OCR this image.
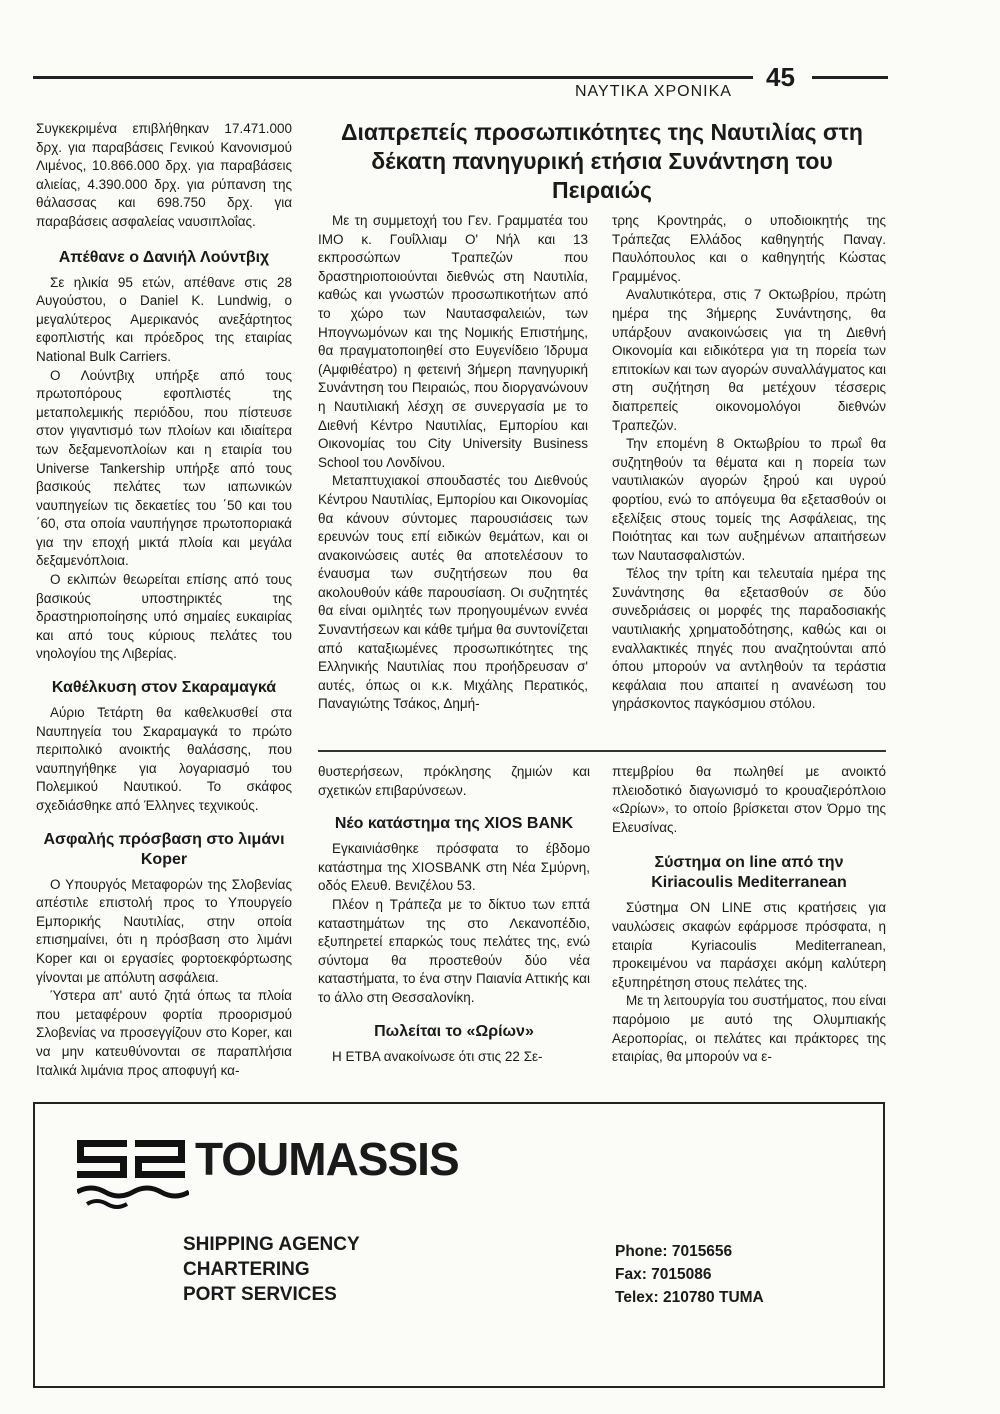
45
ΝΑΥΤΙΚΑ ΧΡΟΝΙΚΑ

Συγκεκριμένα επιβλήθηκαν 17.471.000 δρχ. για παραβάσεις Γενικού Κανονισμού Λιμένος, 10.866.000 δρχ. για παραβάσεις αλιείας, 4.390.000 δρχ. για ρύπανση της θάλασσας και 698.750 δρχ. για παραβάσεις ασφαλείας ναυσιπλοΐας.

Απέθανε ο Δανιήλ Λούντβιχ

Σε ηλικία 95 ετών, απέθανε στις 28 Αυγούστου, ο Daniel K. Lundwig, ο μεγαλύτερος Αμερικανός ανεξάρτητος εφοπλιστής και πρόεδρος της εταιρίας National Bulk Carriers.

Ο Λούντβιχ υπήρξε από τους πρωτοπόρους εφοπλιστές της μεταπολεμικής περιόδου, που πίστευσε στον γιγαντισμό των πλοίων και ιδιαίτερα των δεξαμενοπλοίων και η εταιρία του Universe Tankership υπήρξε από τους βασικούς πελάτες των ιαπωνικών ναυπηγείων τις δεκαετίες του ΄50 και του ΄60, στα οποία ναυπήγησε πρωτοποριακά για την εποχή μικτά πλοία και μεγάλα δεξαμενόπλοια.

Ο εκλιπών θεωρείται επίσης από τους βασικούς υποστηρικτές της δραστηριοποίησης υπό σημαίες ευκαιρίας και από τους κύριους πελάτες του νηολογίου της Λιβερίας.

Καθέλκυση στον Σκαραμαγκά

Αύριο Τετάρτη θα καθελκυσθεί στα Ναυπηγεία του Σκαραμαγκά το πρώτο περιπολικό ανοικτής θαλάσσης, που ναυπηγήθηκε για λογαριασμό του Πολεμικού Ναυτικού. Το σκάφος σχεδιάσθηκε από Έλληνες τεχνικούς.

Ασφαλής πρόσβαση στο λιμάνι Koper

Ο Υπουργός Μεταφορών της Σλοβενίας απέστιλε επιστολή προς το Υπουργείο Εμπορικής Ναυτιλίας, στην οποία επισημαίνει, ότι η πρόσβαση στο λιμάνι Koper και οι εργασίες φορτοεκφόρτωσης γίνονται με απόλυτη ασφάλεια.

Ύστερα απ' αυτό ζητά όπως τα πλοία που μεταφέρουν φορτία προορισμού Σλοβενίας να προσεγγίζουν στο Koper, και να μην κατευθύνονται σε παραπλήσια Ιταλικά λιμάνια προς αποφυγή κα-

Διαπρεπείς προσωπικότητες της Ναυτιλίας στη δέκατη πανηγυρική ετήσια Συνάντηση του Πειραιώς

Με τη συμμετοχή του Γεν. Γραμματέα του ΙΜΟ κ. Γουΐλλιαμ Ο' Νήλ και 13 εκπροσώπων Τραπεζών που δραστηριοποιούνται διεθνώς στη Ναυτιλία, καθώς και γνωστών προσωπικοτήτων από το χώρο των Ναυτασφαλειών, των Ηπογνωμόνων και της Νομικής Επιστήμης, θα πραγματοποιηθεί στο Ευγενίδειο Ίδρυμα (Αμφιθέατρο) η φετεινή 3ήμερη πανηγυρική Συνάντηση του Πειραιώς, που διοργανώνουν η Ναυτιλιακή λέσχη σε συνεργασία με το Διεθνή Κέντρο Ναυτιλίας, Εμπορίου και Οικονομίας του City University Business School του Λονδίνου.

Μεταπτυχιακοί σπουδαστές του Διεθνούς Κέντρου Ναυτιλίας, Εμπορίου και Οικονομίας θα κάνουν σύντομες παρουσιάσεις των ερευνών τους επί ειδικών θεμάτων, και οι ανακοινώσεις αυτές θα αποτελέσουν το έναυσμα των συζητήσεων που θα ακολουθούν κάθε παρουσίαση. Οι συζητητές θα είναι ομιλητές των προηγουμένων εννέα Συναντήσεων και κάθε τμήμα θα συντονίζεται από καταξιωμένες προσωπικότητες της Ελληνικής Ναυτιλίας που προήδρευσαν σ' αυτές, όπως οι κ.κ. Μιχάλης Περατικός, Παναγιώτης Τσάκος, Δημή-

τρης Κροντηράς, ο υποδιοικητής της Τράπεζας Ελλάδος καθηγητής Παναγ. Παυλόπουλος και ο καθηγητής Κώστας Γραμμένος.

Αναλυτικότερα, στις 7 Οκτωβρίου, πρώτη ημέρα της 3ήμερης Συνάντησης, θα υπάρξουν ανακοινώσεις για τη Διεθνή Οικονομία και ειδικότερα για τη πορεία των επιτοκίων και των αγορών συναλλάγματος και στη συζήτηση θα μετέχουν τέσσερις διαπρεπείς οικονομολόγοι διεθνών Τραπεζών.

Την επομένη 8 Οκτωβρίου το πρωΐ θα συζητηθούν τα θέματα και η πορεία των ναυτιλιακών αγορών ξηρού και υγρού φορτίου, ενώ το απόγευμα θα εξετασθούν οι εξελίξεις στους τομείς της Ασφάλειας, της Ποιότητας και των αυξημένων απαιτήσεων των Ναυτασφαλιστών.

Τέλος την τρίτη και τελευταία ημέρα της Συνάντησης θα εξετασθούν σε δύο συνεδριάσεις οι μορφές της παραδοσιακής ναυτιλιακής χρηματοδότησης, καθώς και οι εναλλακτικές πηγές που αναζητούνται από όπου μπορούν να αντληθούν τα τεράστια κεφάλαια που απαιτεί η ανανέωση του γηράσκοντος παγκόσμιου στόλου.

θυστερήσεων, πρόκλησης ζημιών και σχετικών επιβαρύνσεων.

Νέο κατάστημα της XIOS BANK

Εγκαινιάσθηκε πρόσφατα το έβδομο κατάστημα της XIOSBANK στη Νέα Σμύρνη, οδός Ελευθ. Βενιζέλου 53.

Πλέον η Τράπεζα με το δίκτυο των επτά καταστημάτων της στο Λεκανοπέδιο, εξυπηρετεί επαρκώς τους πελάτες της, ενώ σύντομα θα προστεθούν δύο νέα καταστήματα, το ένα στην Παιανία Αττικής και το άλλο στη Θεσσαλονίκη.

Πωλείται το «Ωρίων»

Η ΕΤΒΑ ανακοίνωσε ότι στις 22 Σε-

πτεμβρίου θα πωληθεί με ανοικτό πλειοδοτικό διαγωνισμό το κρουαζιερόπλοιο «Ωρίων», το οποίο βρίσκεται στον Όρμο της Ελευσίνας.

Σύστημα on line από την Kiriacoulis Mediterranean

Σύστημα ON LINE στις κρατήσεις για ναυλώσεις σκαφών εφάρμοσε πρόσφατα, η εταιρία Kyriacoulis Mediterranean, προκειμένου να παράσχει ακόμη καλύτερη εξυπηρέτηση στους πελάτες της.

Με τη λειτουργία του συστήματος, που είναι παρόμοιο με αυτό της Ολυμπιακής Αεροπορίας, οι πελάτες και πράκτορες της εταιρίας, θα μπορούν να ε-

TOUMASSIS
SHIPPING AGENCY
CHARTERING
PORT SERVICES
Phone: 7015656
Fax: 7015086
Telex: 210780 TUMA
